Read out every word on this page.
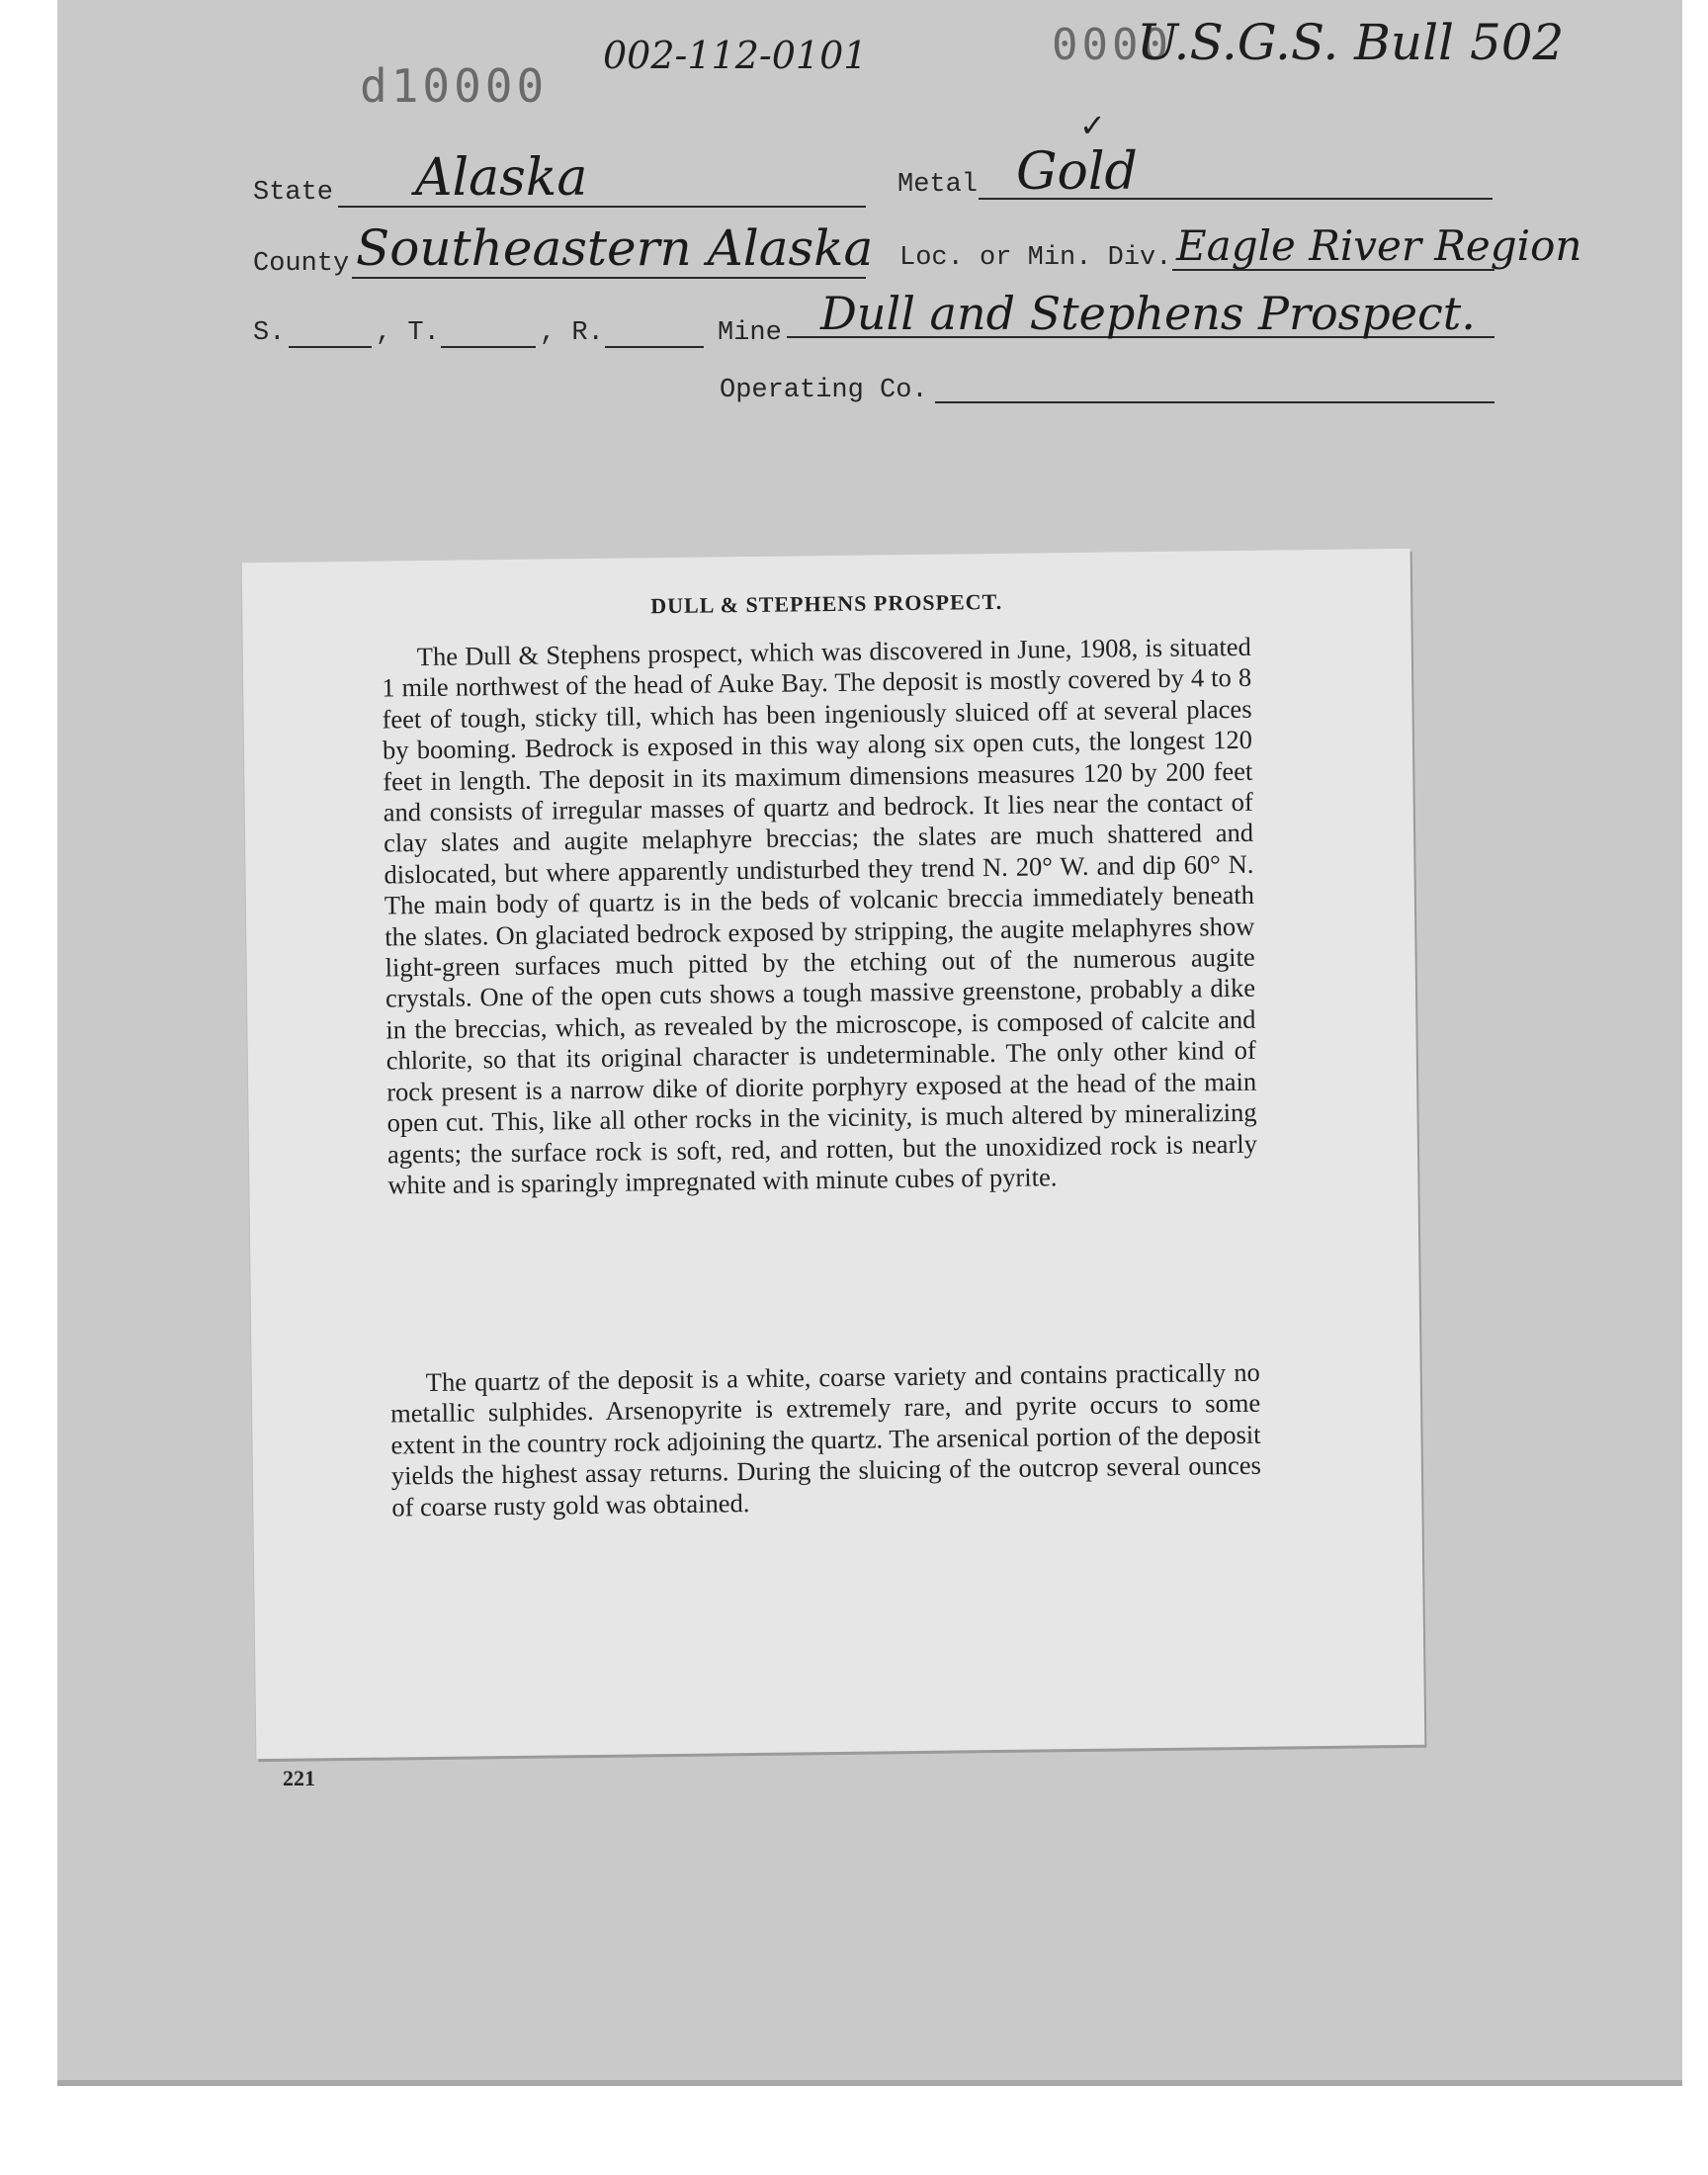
d10000
002-112-0101	0000
U.S.G.S. Bull 502
✓
State Alaska	Metal Gold
County Southeastern Alaska Loc. or Min. Div. Eagle River Region
S.	, T.	, R.	Mine Dull and Stephens Prospect.
Operating Co.
DULL & STEPHENS PROSPECT.

The Dull & Stephens prospect, which was discovered in June, 1908, is situated 1 mile northwest of the head of Auke Bay. The deposit is mostly covered by 4 to 8 feet of tough, sticky till, which has been ingeniously sluiced off at several places by booming. Bedrock is exposed in this way along six open cuts, the longest 120 feet in length. The deposit in its maximum dimensions measures 120 by 200 feet and consists of irregular masses of quartz and bedrock. It lies near the contact of clay slates and augite melaphyre breccias; the slates are much shattered and dislocated, but where apparently undisturbed they trend N. 20° W. and dip 60° N. The main body of quartz is in the beds of volcanic breccia immediately beneath the slates. On glaciated bedrock exposed by stripping, the augite melaphyres show light-green surfaces much pitted by the etching out of the numerous augite crystals. One of the open cuts shows a tough massive greenstone, probably a dike in the breccias, which, as revealed by the microscope, is composed of calcite and chlorite, so that its original character is undeterminable. The only other kind of rock present is a narrow dike of diorite porphyry exposed at the head of the main open cut. This, like all other rocks in the vicinity, is much altered by mineralizing agents; the surface rock is soft, red, and rotten, but the unoxidized rock is nearly white and is sparingly impregnated with minute cubes of pyrite.

The quartz of the deposit is a white, coarse variety and contains practically no metallic sulphides. Arsenopyrite is extremely rare, and pyrite occurs to some extent in the country rock adjoining the quartz. The arsenical portion of the deposit yields the highest assay returns. During the sluicing of the outcrop several ounces of coarse rusty gold was obtained.

221
